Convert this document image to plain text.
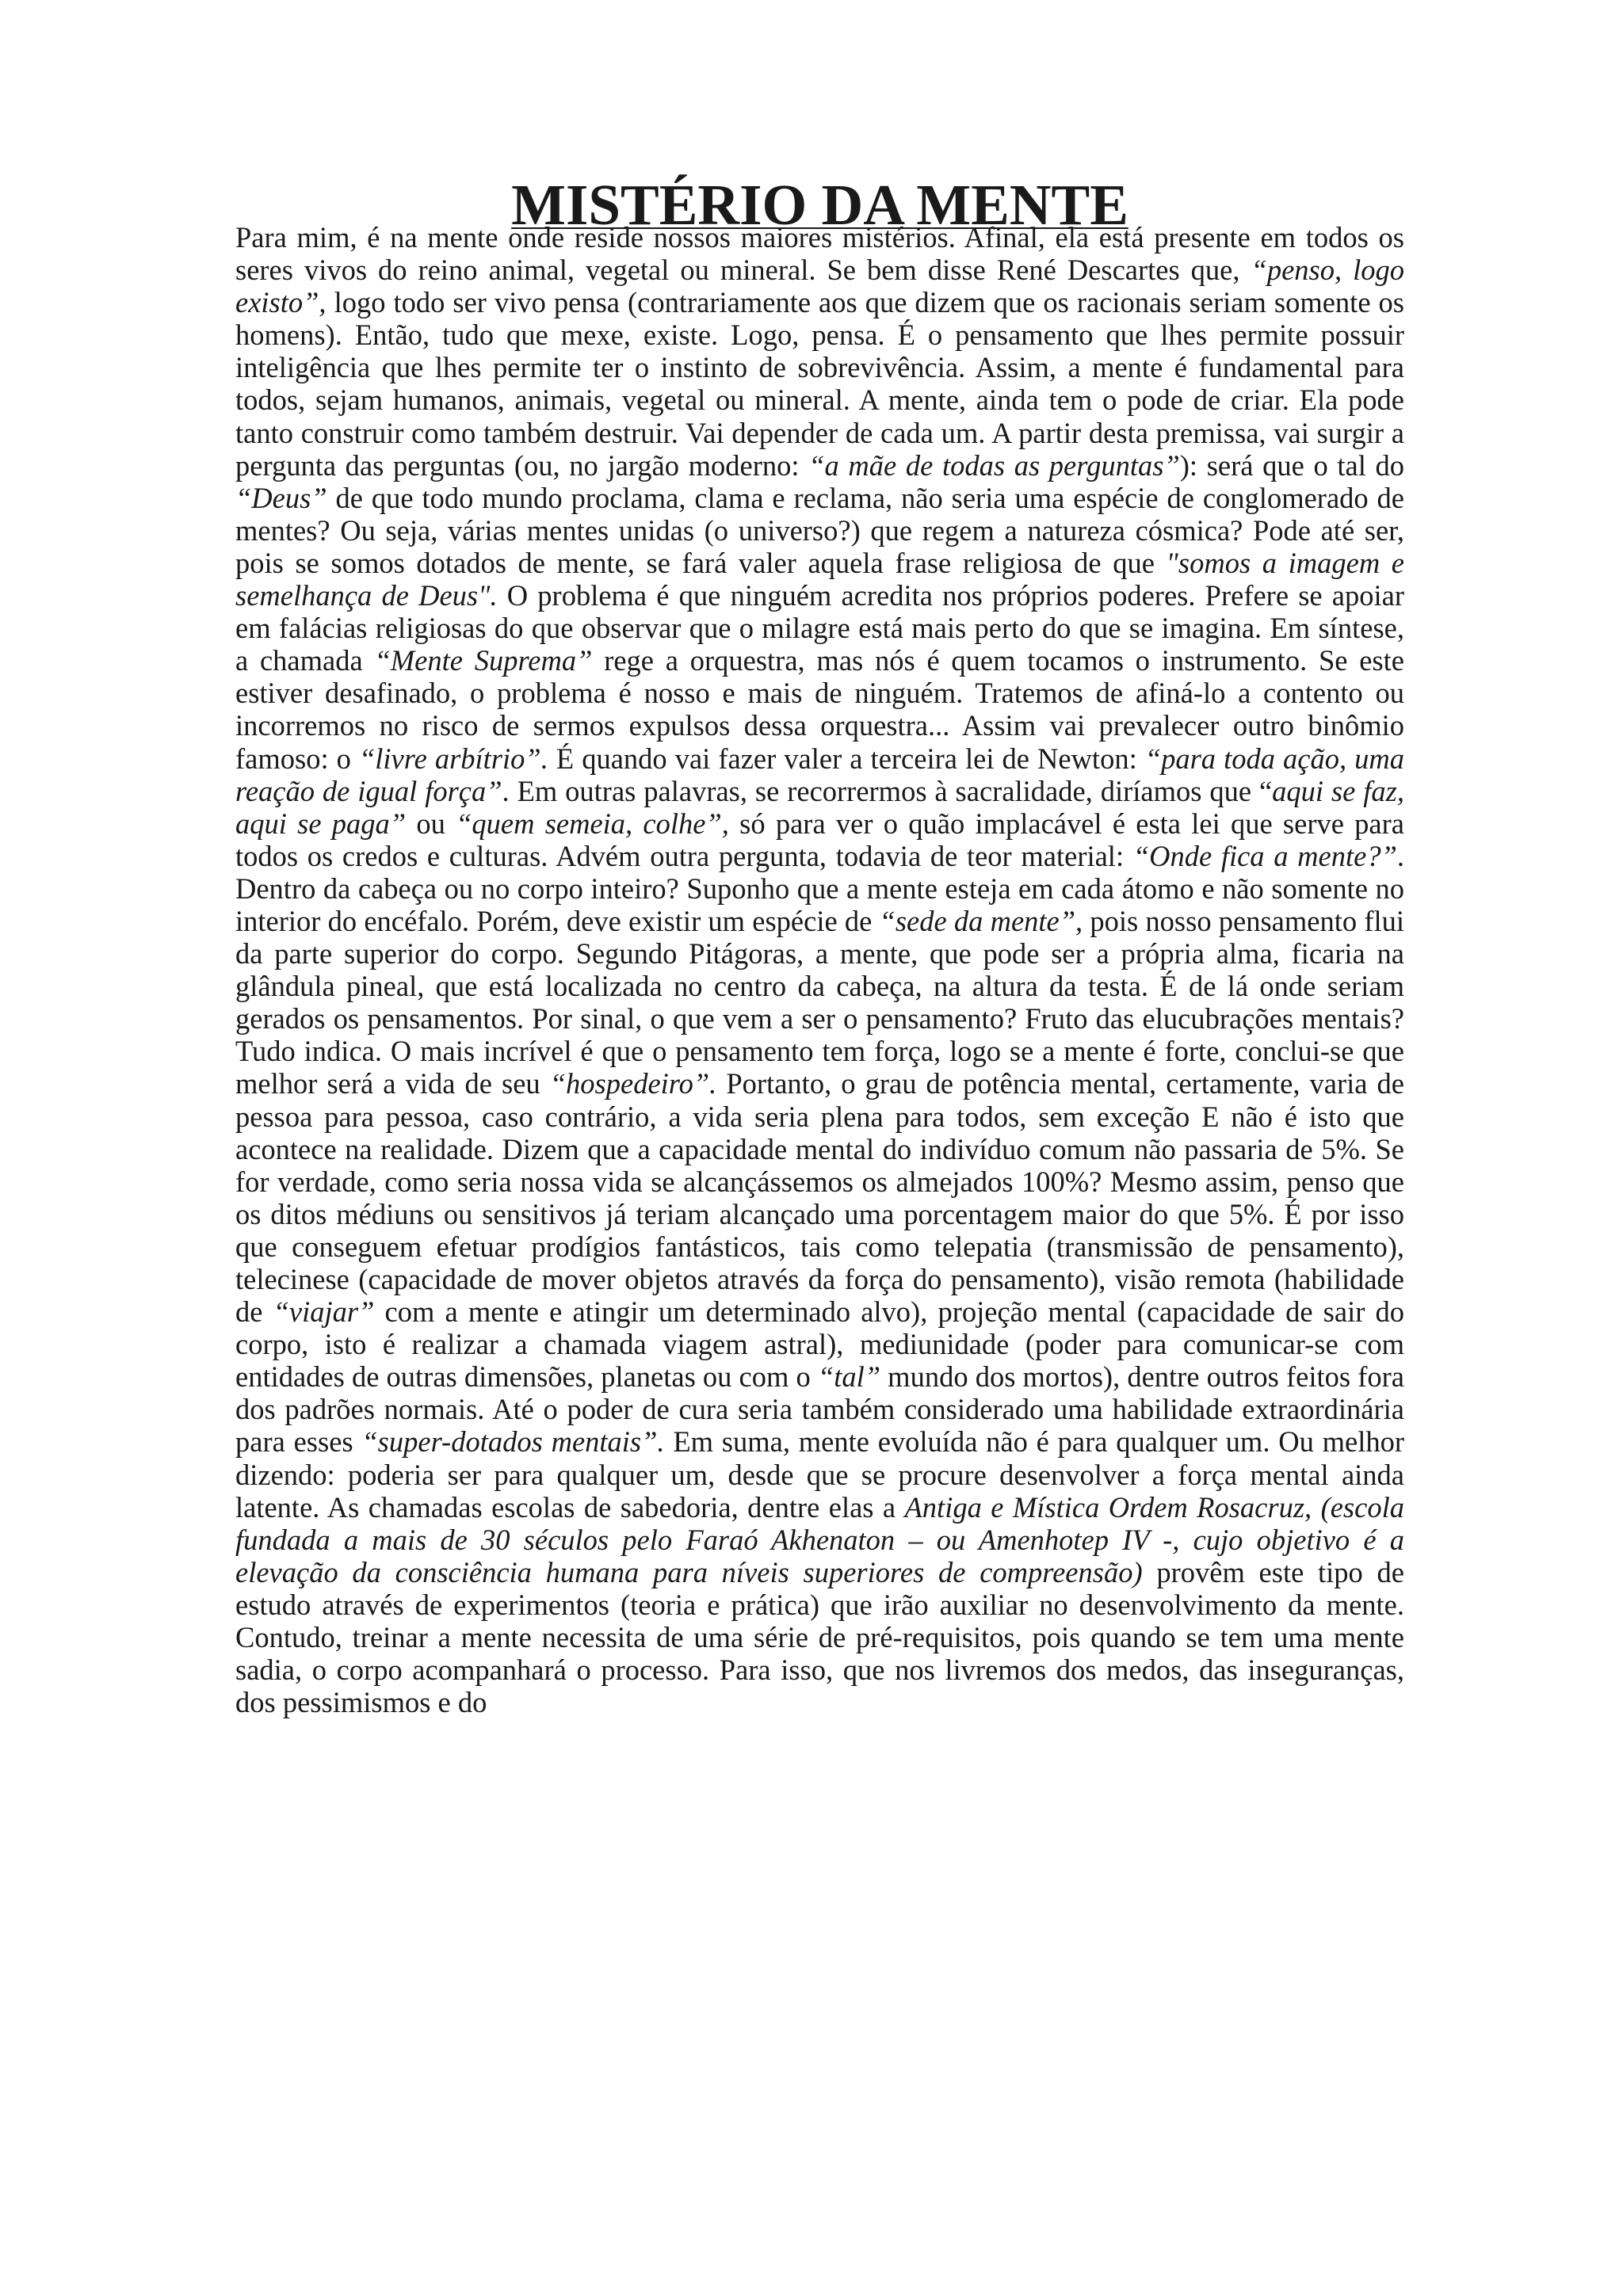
MISTÉRIO DA MENTE

Para mim, é na mente onde reside nossos maiores mistérios. Afinal, ela está presente em todos os seres vivos do reino animal, vegetal ou mineral. Se bem disse René Descartes que, “penso, logo existo”, logo todo ser vivo pensa (contrariamente aos que dizem que os racionais seriam somente os homens). Então, tudo que mexe, existe. Logo, pensa. É o pensamento que lhes permite possuir inteligência que lhes permite ter o instinto de sobrevivência. Assim, a mente é fundamental para todos, sejam humanos, animais, vegetal ou mineral. A mente, ainda tem o pode de criar. Ela pode tanto construir como também destruir. Vai depender de cada um. A partir desta premissa, vai surgir a pergunta das perguntas (ou, no jargão moderno: “a mãe de todas as perguntas”): será que o tal do “Deus” de que todo mundo proclama, clama e reclama, não seria uma espécie de conglomerado de mentes? Ou seja, várias mentes unidas (o universo?) que regem a natureza cósmica? Pode até ser, pois se somos dotados de mente, se fará valer aquela frase religiosa de que "somos a imagem e semelhança de Deus". O problema é que ninguém acredita nos próprios poderes. Prefere se apoiar em falácias religiosas do que observar que o milagre está mais perto do que se imagina. Em síntese, a chamada “Mente Suprema” rege a orquestra, mas nós é quem tocamos o instrumento. Se este estiver desafinado, o problema é nosso e mais de ninguém. Tratemos de afiná-lo a contento ou incorremos no risco de sermos expulsos dessa orquestra... Assim vai prevalecer outro binômio famoso: o “livre arbítrio”. É quando vai fazer valer a terceira lei de Newton: “para toda ação, uma reação de igual força”. Em outras palavras, se recorrermos à sacralidade, diríamos que “aqui se faz, aqui se paga” ou “quem semeia, colhe”, só para ver o quão implacável é esta lei que serve para todos os credos e culturas. Advém outra pergunta, todavia de teor material: “Onde fica a mente?”. Dentro da cabeça ou no corpo inteiro? Suponho que a mente esteja em cada átomo e não somente no interior do encéfalo. Porém, deve existir um espécie de “sede da mente”, pois nosso pensamento flui da parte superior do corpo. Segundo Pitágoras, a mente, que pode ser a própria alma, ficaria na glândula pineal, que está localizada no centro da cabeça, na altura da testa. É de lá onde seriam gerados os pensamentos. Por sinal, o que vem a ser o pensamento? Fruto das elucubrações mentais? Tudo indica. O mais incrível é que o pensamento tem força, logo se a mente é forte, conclui-se que melhor será a vida de seu “hospedeiro”. Portanto, o grau de potência mental, certamente, varia de pessoa para pessoa, caso contrário, a vida seria plena para todos, sem exceção E não é isto que acontece na realidade. Dizem que a capacidade mental do indivíduo comum não passaria de 5%. Se for verdade, como seria nossa vida se alcançássemos os almejados 100%? Mesmo assim, penso que os ditos médiuns ou sensitivos já teriam alcançado uma porcentagem maior do que 5%. É por isso que conseguem efetuar prodígios fantásticos, tais como telepatia (transmissão de pensamento), telecinese (capacidade de mover objetos através da força do pensamento), visão remota (habilidade de “viajar” com a mente e atingir um determinado alvo), projeção mental (capacidade de sair do corpo, isto é realizar a chamada viagem astral), mediunidade (poder para comunicar-se com entidades de outras dimensões, planetas ou com o “tal” mundo dos mortos), dentre outros feitos fora dos padrões normais. Até o poder de cura seria também considerado uma habilidade extraordinária para esses “super-dotados mentais”. Em suma, mente evoluída não é para qualquer um. Ou melhor dizendo: poderia ser para qualquer um, desde que se procure desenvolver a força mental ainda latente. As chamadas escolas de sabedoria, dentre elas a Antiga e Mística Ordem Rosacruz, (escola fundada a mais de 30 séculos pelo Faraó Akhenaton – ou Amenhotep IV -, cujo objetivo é a elevação da consciência humana para níveis superiores de compreensão) provêm este tipo de estudo através de experimentos (teoria e prática) que irão auxiliar no desenvolvimento da mente. Contudo, treinar a mente necessita de uma série de pré-requisitos, pois quando se tem uma mente sadia, o corpo acompanhará o processo. Para isso, que nos livremos dos medos, das inseguranças, dos pessimismos e do
